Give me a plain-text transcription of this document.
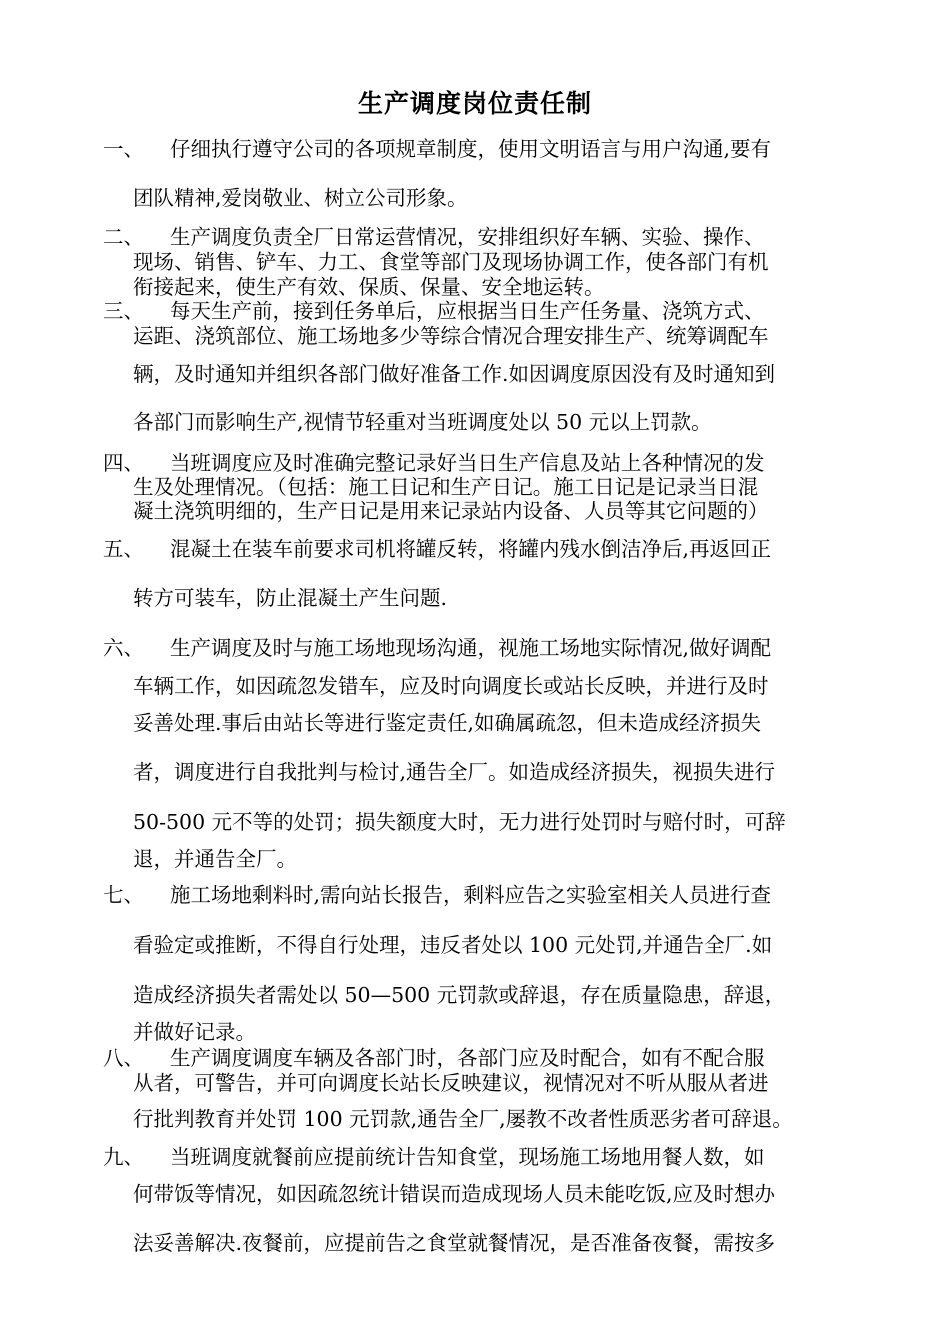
生产调度岗位责任制
一、 仔细执行遵守公司的各项规章制度，使用文明语言与用户沟通,要有
团队精神,爱岗敬业、树立公司形象。
二、 生产调度负责全厂日常运营情况，安排组织好车辆、实验、操作、
现场、销售、铲车、力工、食堂等部门及现场协调工作，使各部门有机
衔接起来，使生产有效、保质、保量、安全地运转。
三、 每天生产前，接到任务单后，应根据当日生产任务量、浇筑方式、
运距、浇筑部位、施工场地多少等综合情况合理安排生产、统筹调配车
辆，及时通知并组织各部门做好准备工作.如因调度原因没有及时通知到
各部门而影响生产,视情节轻重对当班调度处以 50 元以上罚款。
四、 当班调度应及时准确完整记录好当日生产信息及站上各种情况的发
生及处理情况。（包括：施工日记和生产日记。施工日记是记录当日混
凝土浇筑明细的，生产日记是用来记录站内设备、人员等其它问题的）
五、 混凝土在装车前要求司机将罐反转，将罐内残水倒洁净后,再返回正
转方可装车，防止混凝土产生问题.
六、 生产调度及时与施工场地现场沟通，视施工场地实际情况,做好调配
车辆工作，如因疏忽发错车，应及时向调度长或站长反映，并进行及时
妥善处理.事后由站长等进行鉴定责任,如确属疏忽，但未造成经济损失
者，调度进行自我批判与检讨,通告全厂。如造成经济损失，视损失进行
50-500 元不等的处罚；损失额度大时，无力进行处罚时与赔付时，可辞
退，并通告全厂。
七、 施工场地剩料时,需向站长报告，剩料应告之实验室相关人员进行查
看验定或推断，不得自行处理，违反者处以 100 元处罚,并通告全厂.如
造成经济损失者需处以 50—500 元罚款或辞退，存在质量隐患，辞退，
并做好记录。
八、 生产调度调度车辆及各部门时，各部门应及时配合，如有不配合服
从者，可警告，并可向调度长站长反映建议，视情况对不听从服从者进
行批判教育并处罚 100 元罚款,通告全厂,屡教不改者性质恶劣者可辞退。
九、 当班调度就餐前应提前统计告知食堂，现场施工场地用餐人数，如
何带饭等情况，如因疏忽统计错误而造成现场人员未能吃饭,应及时想办
法妥善解决.夜餐前，应提前告之食堂就餐情况，是否准备夜餐，需按多
